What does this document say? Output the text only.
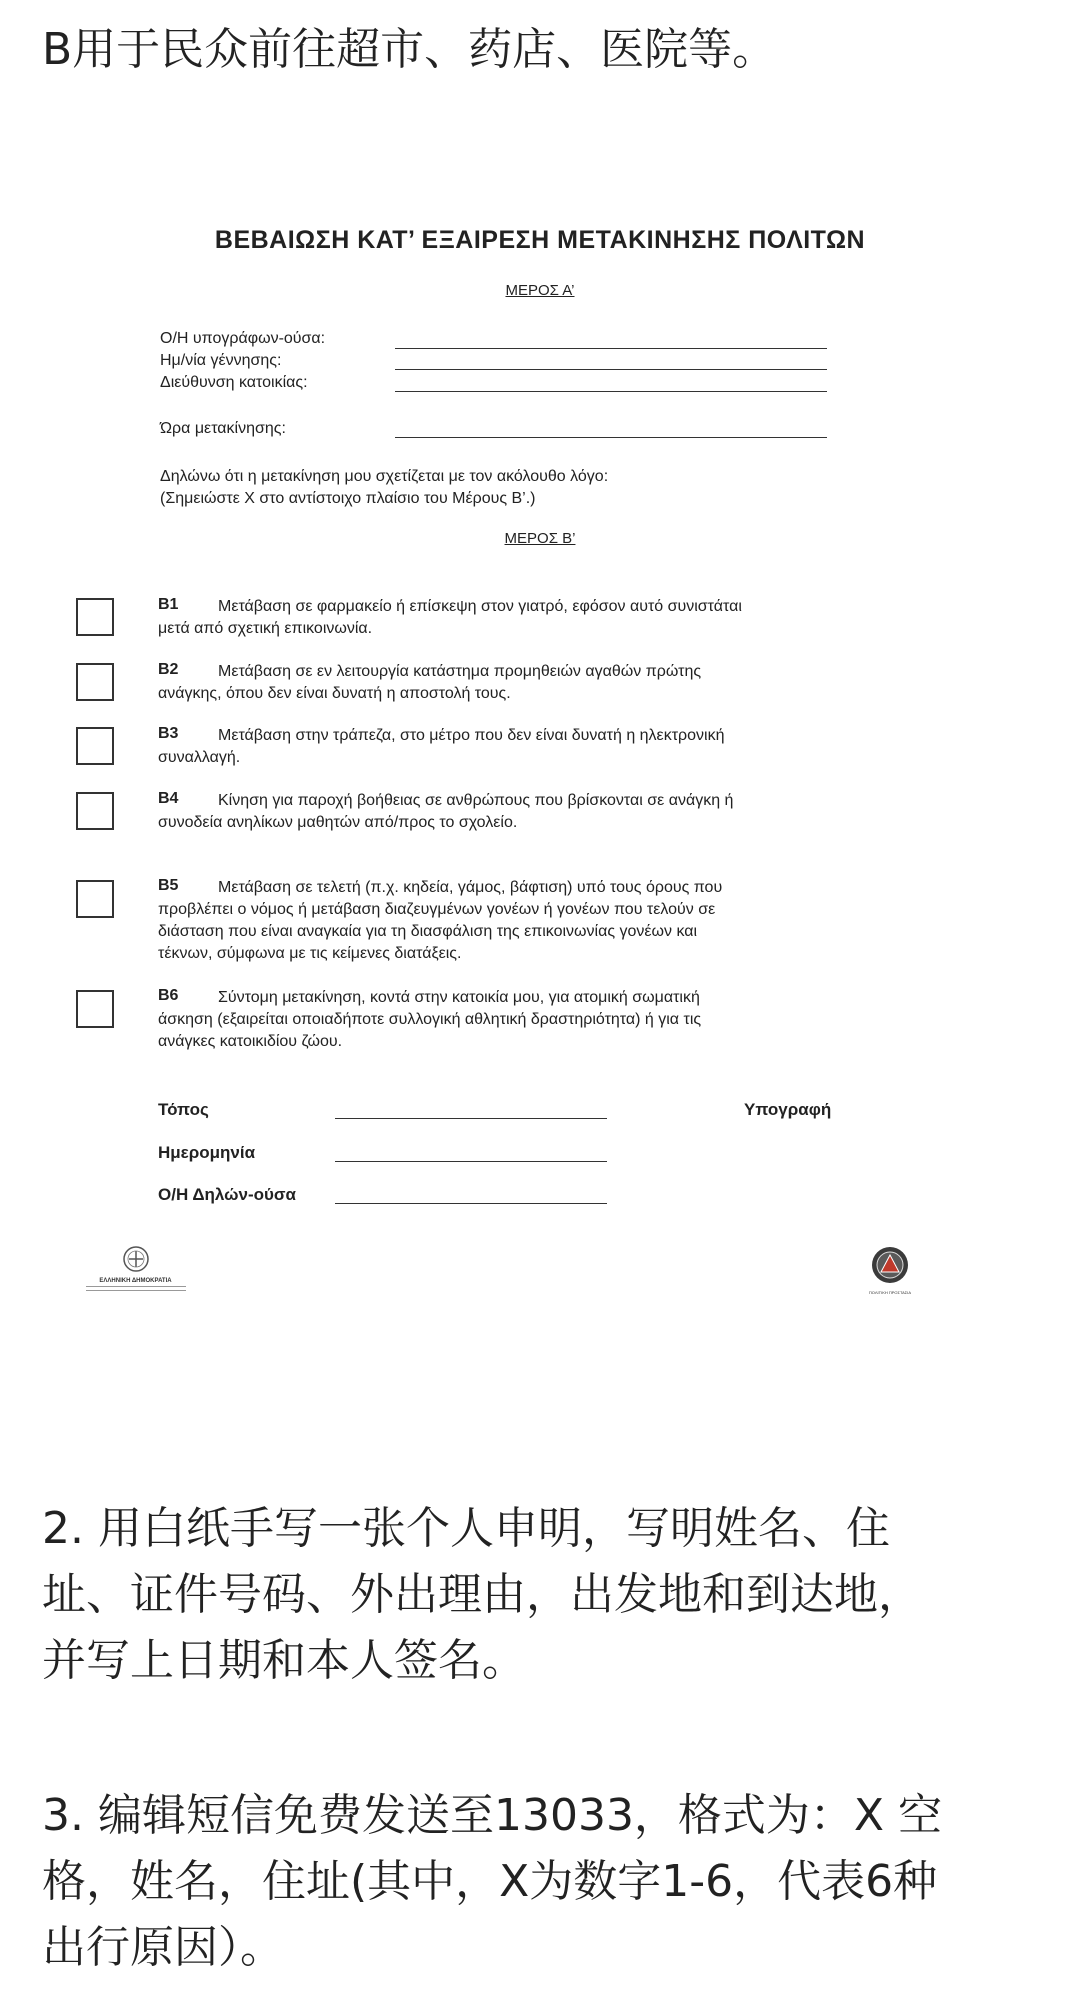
B用于民众前往超市、药店、医院等。
ΒΕΒΑΙΩΣΗ ΚΑΤ’ ΕΞΑΙΡΕΣΗ ΜΕΤΑΚΙΝΗΣΗΣ ΠΟΛΙΤΩΝ
ΜΕΡΟΣ Α’
Ο/Η υπογράφων-ούσα:
Ημ/νία γέννησης:
Διεύθυνση κατοικίας:
Ώρα μετακίνησης:
Δηλώνω ότι η μετακίνηση μου σχετίζεται με τον ακόλουθο λόγο:
(Σημειώστε X στο αντίστοιχο πλαίσιο του Μέρους Β’.)
ΜΕΡΟΣ Β’
B1 Μετάβαση σε φαρμακείο ή επίσκεψη στον γιατρό, εφόσον αυτό συνιστάται
μετά από σχετική επικοινωνία.
B2 Μετάβαση σε εν λειτουργία κατάστημα προμηθειών αγαθών πρώτης
ανάγκης, όπου δεν είναι δυνατή η αποστολή τους.
B3 Μετάβαση στην τράπεζα, στο μέτρο που δεν είναι δυνατή η ηλεκτρονική
συναλλαγή.
B4 Κίνηση για παροχή βοήθειας σε ανθρώπους που βρίσκονται σε ανάγκη ή
συνοδεία ανηλίκων μαθητών από/προς το σχολείο.
B5 Μετάβαση σε τελετή (π.χ. κηδεία, γάμος, βάφτιση) υπό τους όρους που
προβλέπει ο νόμος ή μετάβαση διαζευγμένων γονέων ή γονέων που τελούν σε
διάσταση που είναι αναγκαία για τη διασφάλιση της επικοινωνίας γονέων και
τέκνων, σύμφωνα με τις κείμενες διατάξεις.
B6 Σύντομη μετακίνηση, κοντά στην κατοικία μου, για ατομική σωματική
άσκηση (εξαιρείται οποιαδήποτε συλλογική αθλητική δραστηριότητα) ή για τις
ανάγκες κατοικιδίου ζώου.
Τόπος	Υπογραφή
Ημερομηνία
Ο/Η Δηλών-ούσα
ΕΛΛΗΝΙΚΗ ΔΗΜΟΚΡΑΤΙΑ
ΠΟΛΙΤΙΚΗ ΠΡΟΣΤΑΣΙΑ
2. 用白纸手写一张个人申明，写明姓名、住
址、证件号码、外出理由，出发地和到达地，
并写上日期和本人签名。
3. 编辑短信免费发送至13033，格式为：X 空
格，姓名，住址(其中，X为数字1-6，代表6种
出行原因）。
